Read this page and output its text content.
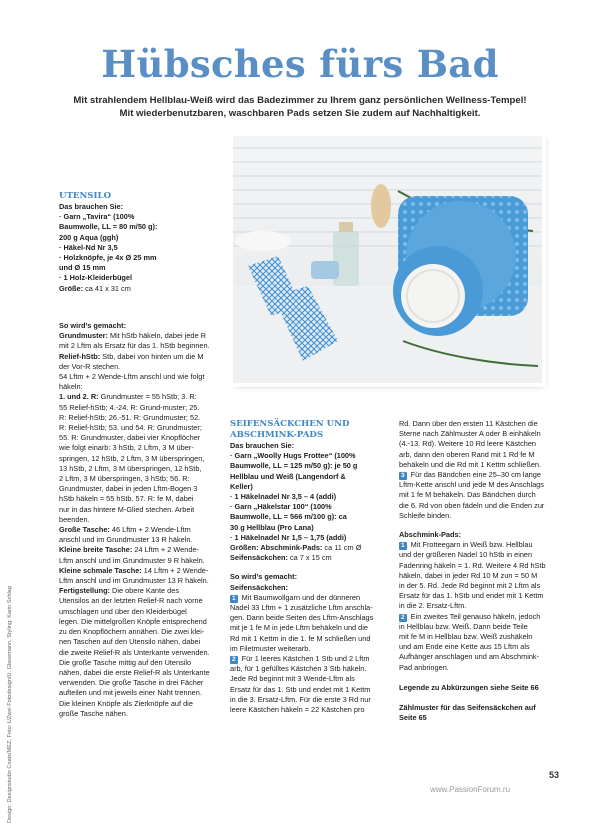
Hübsches fürs Bad
Mit strahlendem Hellblau-Weiß wird das Badezimmer zu Ihrem ganz persönlichen Wellness-Tempel!
Mit wiederbenutzbaren, waschbaren Pads setzen Sie zudem auf Nachhaltigkeit.

UTENSILO

Das brauchen Sie:

· Garn „Tavira“ (100%

Baumwolle, LL = 80 m/50 g):

200 g Aqua (ggh)

· Häkel-Nd Nr 3,5

· Holzknöpfe, je 4x Ø 25 mm

und Ø 15 mm

· 1 Holz-Kleiderbügel

Größe: ca 41 x 31 cm

So wird’s gemacht:

Grundmuster: Mit hStb häkeln, dabei jede R

mit 2 Lftm als Ersatz für das 1. hStb beginnen.

Relief-hStb: Stb, dabei von hinten um die M

der Vor-R stechen.

54 Lftm + 2 Wende-Lftm anschl und wie folgt

häkeln:

1. und 2. R: Grundmuster = 55 hStb; 3. R:

55 Relief-hStb; 4.-24. R: Grund-muster; 25.

R: Relief-hStb; 26.-51. R: Grundmuster; 52.

R: Relief-hStb; 53. und 54. R: Grundmuster;

55. R: Grundmuster, dabei vier Knopflöcher

wie folgt einarb: 3 hStb, 2 Lftm, 3 M über-

springen, 12 hStb, 2 Lftm, 3 M überspringen,

13 hStb, 2 Lftm, 3 M überspringen, 12 hStb,

2 Lftm, 3 M überspringen, 3 hStb; 56. R:

Grundmuster, dabei in jeden Lftm-Bogen 3

hStb häkeln = 55 hStb. 57. R: fe M, dabei

nur in das hintere M-Glied stechen. Arbeit

beenden.

Große Tasche: 46 Lftm + 2 Wende-Lftm

anschl und im Grundmuster 13 R häkeln.

Kleine breite Tasche: 24 Lftm + 2 Wende-

Lftm anschl und im Grundmuster 9 R häkeln.

Kleine schmale Tasche: 14 Lftm + 2 Wende-

Lftm anschl und im Grundmuster 13 R häkeln.

Fertigstellung: Die obere Kante des

Utensilos an der letzten Relief-R nach vorne

umschlagen und über den Kleiderbügel

legen. Die mittelgroßen Knöpfe entsprechend

zu den Knopflöchern annähen. Die zwei klei-

nen Taschen auf den Utensilo nähen, dabei

die zweite Relief-R als Unterkante verwenden.

Die große Tasche mittig auf den Utensilo

nähen, dabei die erste Relief-R als Unterkante

verwenden. Die große Tasche in drei Fächer

aufteilen und mit jeweils einer Naht trennen.

Die kleinen Knöpfe als Zierknöpfe auf die

große Tasche nähen.

SEIFENSÄCKCHEN UND

ABSCHMINK-PADS

Das brauchen Sie:

· Garn „Woolly Hugs Frottee“ (100%

Baumwolle, LL = 125 m/50 g): je 50 g

Hellblau und Weiß (Langendorf &

Keller)

· 1 Häkelnadel Nr 3,5 – 4 (addi)

· Garn „Häkelstar 100“ (100%

Baumwolle, LL = 566 m/100 g): ca

30 g Hellblau (Pro Lana)

· 1 Häkelnadel Nr 1,5 – 1,75 (addi)

Größen: Abschmink-Pads: ca 11 cm Ø

Seifensäckchen: ca 7 x 15 cm

So wird’s gemacht:

Seifensäckchen:

1 Mit Baumwollgarn und der dünneren

Nadel 33 Lftm + 1 zusätzliche Lftm anschla-

gen. Dann beide Seiten des Lftm-Anschlags

mit je 1 fe M in jede Lftm behäkeln und die

Rd mit 1 Kettm in die 1. fe M schließen und

im Filetmuster weiterarb.

2 Für 1 leeres Kästchen 1 Stb und 2 Lftm

arb, für 1 gefülltes Kästchen 3 Stb häkeln.

Jede Rd beginnt mit 3 Wende-Lftm als

Ersatz für das 1. Stb und endet mit 1 Kettm

in die 3. Ersatz-Lftm. Für die erste 3 Rd nur

leere Kästchen häkeln = 22 Kästchen pro

Rd. Dann über den ersten 11 Kästchen die

Sterne nach Zählmuster A oder B einhäkeln

(4.-13. Rd). Weitere 10 Rd leere Kästchen

arb, dann den oberen Rand mit 1 Rd fe M

behäkeln und die Rd mit 1 Kettm schließen.

3 Für das Bändchen eine 25–30 cm lange

Lftm-Kette anschl und jede M des Anschlags

mit 1 fe M behäkeln. Das Bändchen durch

die 6. Rd von oben fädeln und die Enden zur

Schleife binden.

Abschmink-Pads:

1 Mit Frotteegarn in Weiß bzw. Hellblau

und der größeren Nadel 10 hStb in einen

Fadenring häkeln = 1. Rd. Weitere 4 Rd hStb

häkeln, dabei in jeder Rd 10 M zun = 50 M

in der 5. Rd. Jede Rd beginnt mit 2 Lftm als

Ersatz für das 1. hStb und endet mit 1 Kettm

in die 2. Ersatz-Lftm.

2 Ein zweites Teil genauso häkeln, jedoch

in Hellblau bzw. Weiß. Dann beide Teile

mit fe M in Hellblau bzw. Weiß zushäkeln

und am Ende eine Kette aus 15 Lftm als

Aufhänger anschlagen und am Abschmink-

Pad anbringen.

Legende zu Abkürzungen siehe Seite 66

Zählmuster für das Seifensäckchen auf

Seite 65

Design: Designstudio Coats/MEZ, Foto: UZwei Fotodesign/U. Glasemann, Styling: Karin Schlag	53
www.PassionForum.ru
